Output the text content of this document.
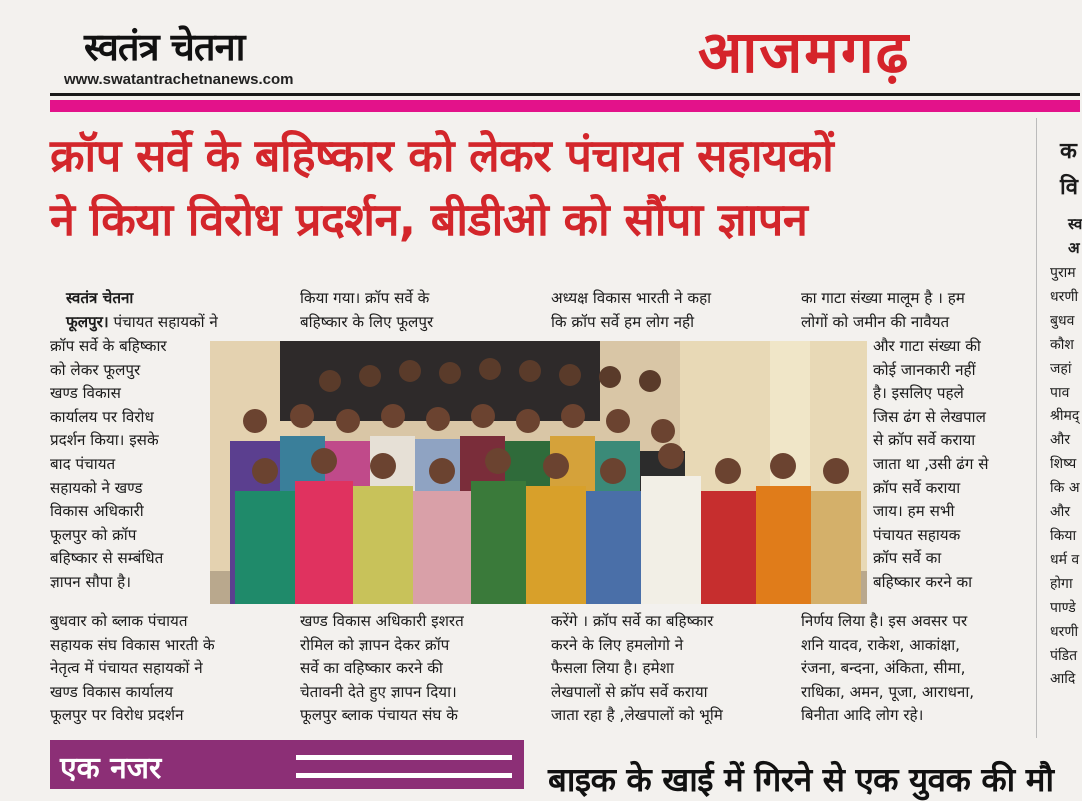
स्वतंत्र चेतना
www.swatantrachetnanews.com	आजमगढ़
क्रॉप सर्वे के बहिष्कार को लेकर पंचायत सहायकों
ने किया विरोध प्रदर्शन, बीडीओ को सौंपा ज्ञापन
स्वतंत्र चेतना
फूलपुर। पंचायत सहायकों ने
क्रॉप सर्वे के बहिष्कार
को लेकर फूलपुर
खण्ड विकास
कार्यालय पर विरोध
प्रदर्शन किया। इसके
बाद पंचायत
सहायको ने खण्ड
विकास अधिकारी
फूलपुर को क्रॉप
बहिष्कार से सम्बंधित
ज्ञापन सौपा है।
बुधवार को ब्लाक पंचायत
सहायक संघ विकास भारती के
नेतृत्व में पंचायत सहायकों ने
खण्ड विकास कार्यालय
फूलपुर पर विरोध प्रदर्शन
किया गया। क्रॉप सर्वे के
बहिष्कार के लिए फूलपुर
खण्ड विकास अधिकारी इशरत
रोमिल को ज्ञापन देकर क्रॉप
सर्वे का वहिष्कार करने की
चेतावनी देते हुए ज्ञापन दिया।
फूलपुर ब्लाक पंचायत संघ के
अध्यक्ष विकास भारती ने कहा
कि क्रॉप सर्वे हम लोग नही
करेंगे । क्रॉप सर्वे का बहिष्कार
करने के लिए हमलोगो ने
फैसला लिया है। हमेशा
लेखपालों से क्रॉप सर्वे कराया
जाता रहा है ,लेखपालों को भूमि
का गाटा संख्या मालूम है । हम
लोगों को जमीन की नावैयत
और गाटा संख्या की
कोई जानकारी नहीं
है। इसलिए पहले
जिस ढंग से लेखपाल
से क्रॉप सर्वे कराया
जाता था ,उसी ढंग से
क्रॉप सर्वे कराया
जाय। हम सभी
पंचायत सहायक
क्रॉप सर्वे का
बहिष्कार करने का
निर्णय लिया है। इस अवसर पर
शनि यादव, राकेश, आकांक्षा,
रंजना, बन्दना, अंकिता, सीमा,
राधिका, अमन, पूजा, आराधना,
बिनीता आदि लोग रहे।
क
वि
स्व
अ
पुराम
धरणी
बुधव
कौश
जहां
पाव
श्रीमद्
और
शिष्य
कि अ
और
किया
धर्म व
होगा
पाण्डे
धरणी
पंडित
आदि
एक नजर	बाइक के खाई में गिरने से एक युवक की मौ
